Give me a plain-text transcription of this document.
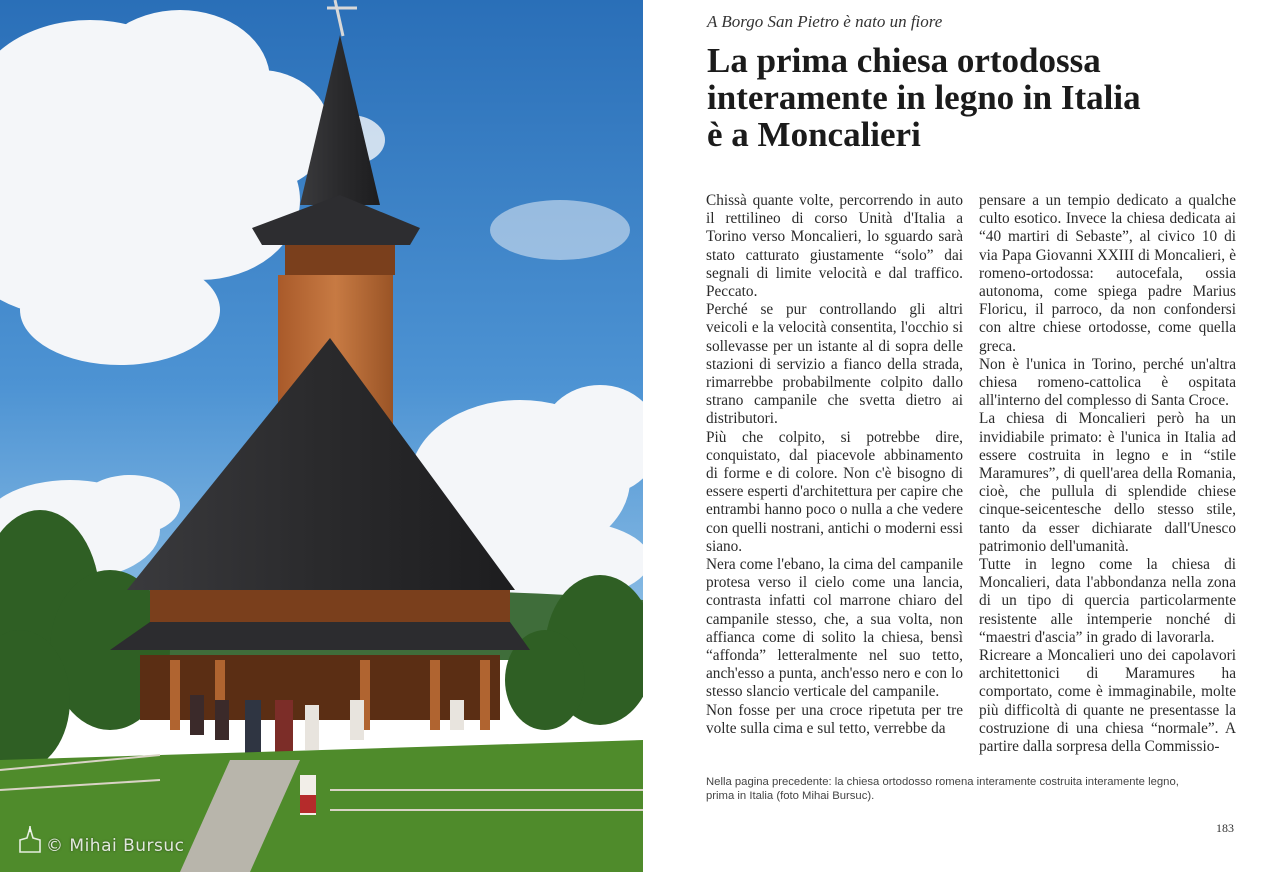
© Mihai Bursuc
A Borgo San Pietro è nato un fiore
La prima chiesa ortodossa
interamente in legno in Italia
è a Moncalieri

Chissà quante volte, percorrendo in auto il rettilineo di corso Unità d'Italia a Torino verso Moncalieri, lo sguardo sarà stato catturato giustamente “solo” dai segnali di limite velocità e dal traffico. Peccato.

Perché se pur controllando gli altri veicoli e la velocità consentita, l'occhio si sollevasse per un istante al di sopra delle stazioni di servizio a fianco della strada, rimarrebbe probabilmente colpito dallo strano campanile che svetta dietro ai distributori.

Più che colpito, si potrebbe dire, conquistato, dal piacevole abbinamento di forme e di colore. Non c'è bisogno di essere esperti d'architettura per capire che entrambi hanno poco o nulla a che vedere con quelli nostrani, antichi o moderni essi siano.

Nera come l'ebano, la cima del campanile protesa verso il cielo come una lancia, contrasta infatti col marrone chiaro del campanile stesso, che, a sua volta, non affianca come di solito la chiesa, bensì “affonda” letteralmente nel suo tetto, anch'esso a punta, anch'esso nero e con lo stesso slancio verticale del campanile.

Non fosse per una croce ripetuta per tre volte sulla cima e sul tetto, verrebbe da

pensare a un tempio dedicato a qualche culto esotico. Invece la chiesa dedicata ai “40 martiri di Sebaste”, al civico 10 di via Papa Giovanni XXIII di Moncalieri, è romeno-ortodossa: autocefala, ossia autonoma, come spiega padre Marius Floricu, il parroco, da non confondersi con altre chiese ortodosse, come quella greca.

Non è l'unica in Torino, perché un'altra chiesa romeno-cattolica è ospitata all'interno del complesso di Santa Croce.

La chiesa di Moncalieri però ha un invidiabile primato: è l'unica in Italia ad essere costruita in legno e in “stile Maramures”, di quell'area della Romania, cioè, che pullula di splendide chiese cinque-seicentesche dello stesso stile, tanto da esser dichiarate dall'Unesco patrimonio dell'umanità.

Tutte in legno come la chiesa di Moncalieri, data l'abbondanza nella zona di un tipo di quercia particolarmente resistente alle intemperie nonché di “maestri d'ascia” in grado di lavorarla.

Ricreare a Moncalieri uno dei capolavori architettonici di Maramures ha comportato, come è immaginabile, molte più difficoltà di quante ne presentasse la costruzione di una chiesa “normale”. A partire dalla sorpresa della Commissio-

Nella pagina precedente: la chiesa ortodosso romena interamente costruita interamente legno,
prima in Italia (foto Mihai Bursuc).
183
